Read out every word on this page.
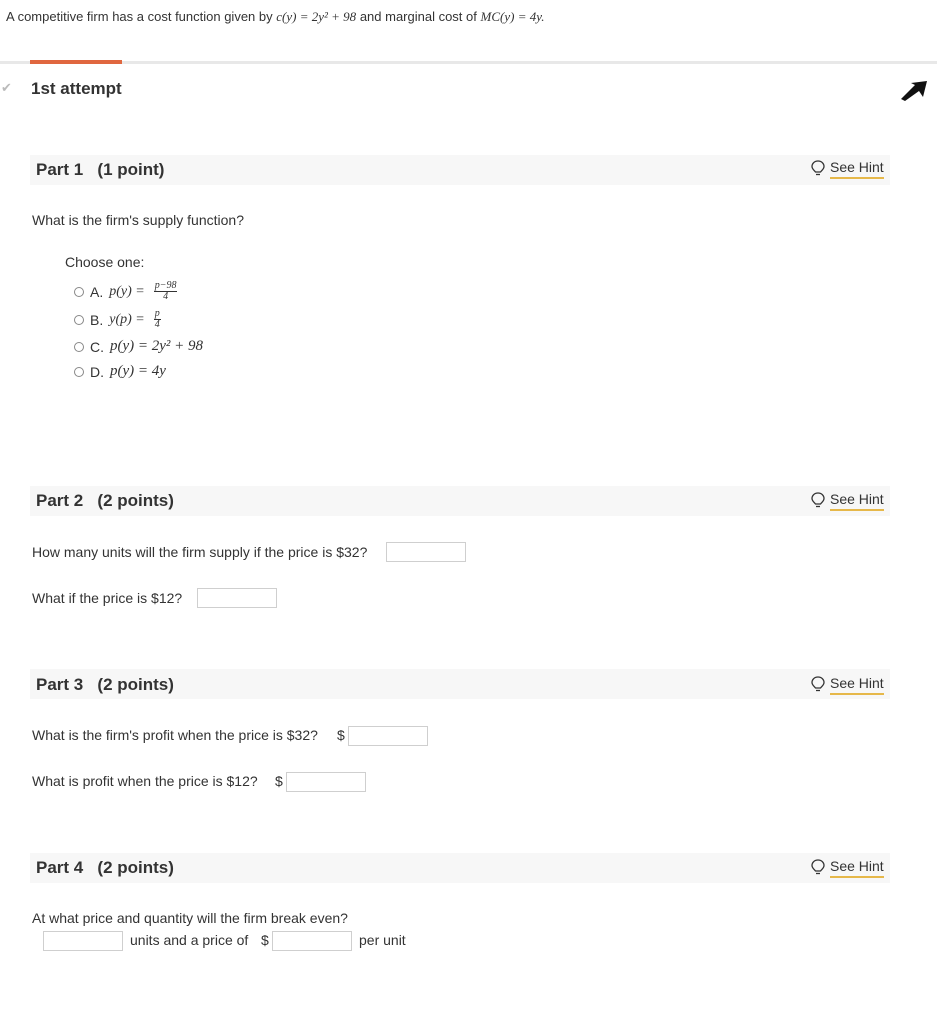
A competitive firm has a cost function given by c(y) = 2y² + 98 and marginal cost of MC(y) = 4y.
✔ 1st attempt
Part 1 (1 point)	See Hint
What is the firm's supply function?
Choose one:
A. $p(y) = \frac{p-98}{4}$
B. $y(p) = \frac{p}{4}$
C. p(y) = 2y² + 98
D. p(y) = 4y
Part 2 (2 points)	See Hint
How many units will the firm supply if the price is $32?
What if the price is $12?
Part 3 (2 points)	See Hint
What is the firm's profit when the price is $32? $
What is profit when the price is $12? $
Part 4 (2 points)	See Hint
At what price and quantity will the firm break even?
units and a price of $	per unit
